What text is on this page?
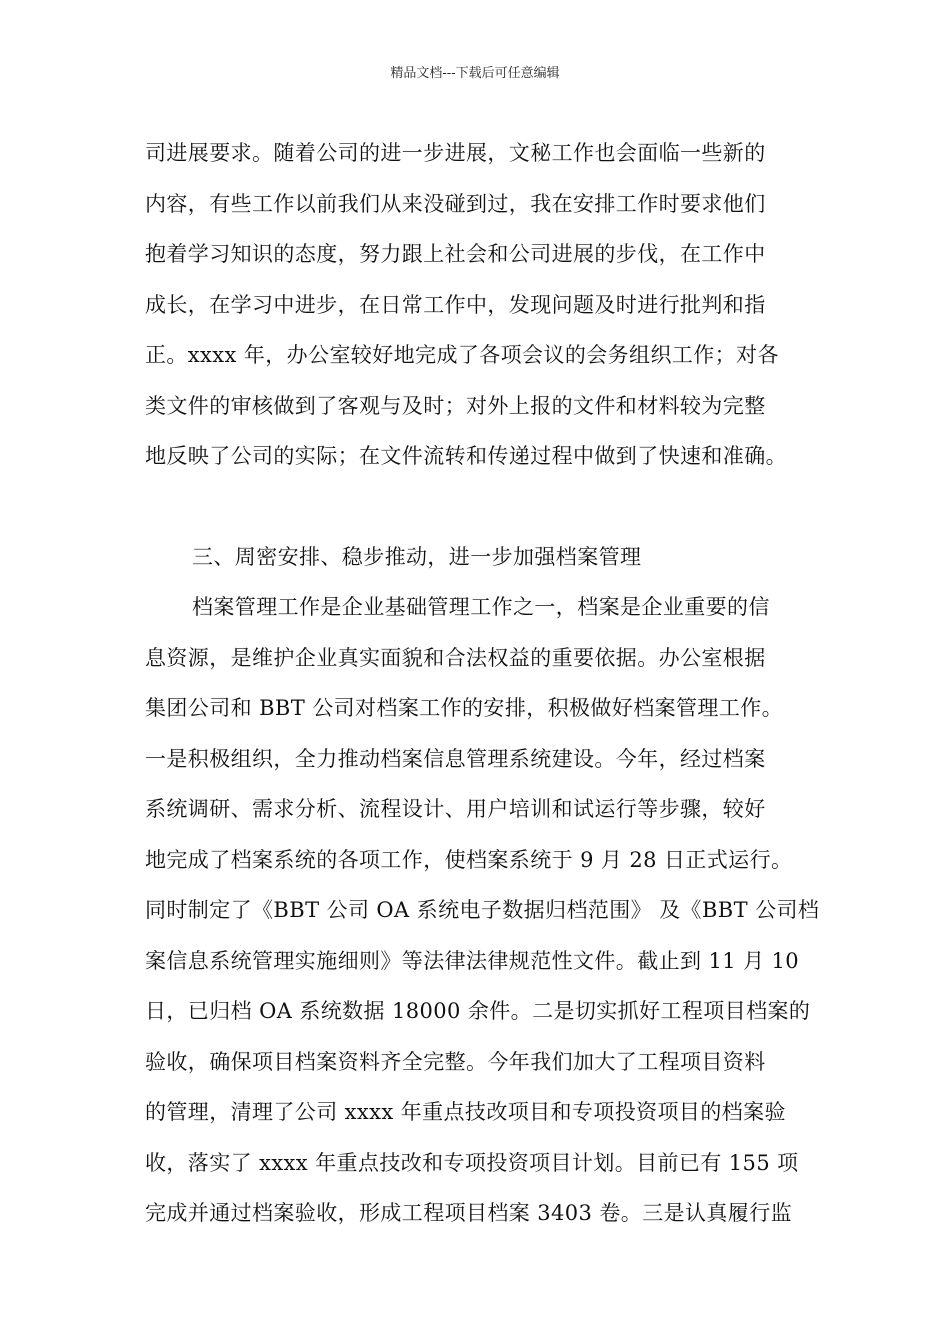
精品文档---下载后可任意编辑
司进展要求。随着公司的进一步进展，文秘工作也会面临一些新的
内容，有些工作以前我们从来没碰到过，我在安排工作时要求他们
抱着学习知识的态度，努力跟上社会和公司进展的步伐，在工作中
成长，在学习中进步，在日常工作中，发现问题及时进行批判和指
正。xxxx 年，办公室较好地完成了各项会议的会务组织工作；对各
类文件的审核做到了客观与及时；对外上报的文件和材料较为完整
地反映了公司的实际；在文件流转和传递过程中做到了快速和准确。
三、周密安排、稳步推动，进一步加强档案管理
档案管理工作是企业基础管理工作之一，档案是企业重要的信
息资源，是维护企业真实面貌和合法权益的重要依据。办公室根据
集团公司和 BBT 公司对档案工作的安排，积极做好档案管理工作。
一是积极组织，全力推动档案信息管理系统建设。今年，经过档案
系统调研、需求分析、流程设计、用户培训和试运行等步骤，较好
地完成了档案系统的各项工作，使档案系统于 9 月 28 日正式运行。
同时制定了《BBT 公司 OA 系统电子数据归档范围》 及《BBT 公司档
案信息系统管理实施细则》等法律法律规范性文件。截止到 11 月 10
日，已归档 OA 系统数据 18000 余件。二是切实抓好工程项目档案的
验收，确保项目档案资料齐全完整。今年我们加大了工程项目资料
的管理，清理了公司 xxxx 年重点技改项目和专项投资项目的档案验
收，落实了 xxxx 年重点技改和专项投资项目计划。目前已有 155 项
完成并通过档案验收，形成工程项目档案 3403 卷。三是认真履行监
